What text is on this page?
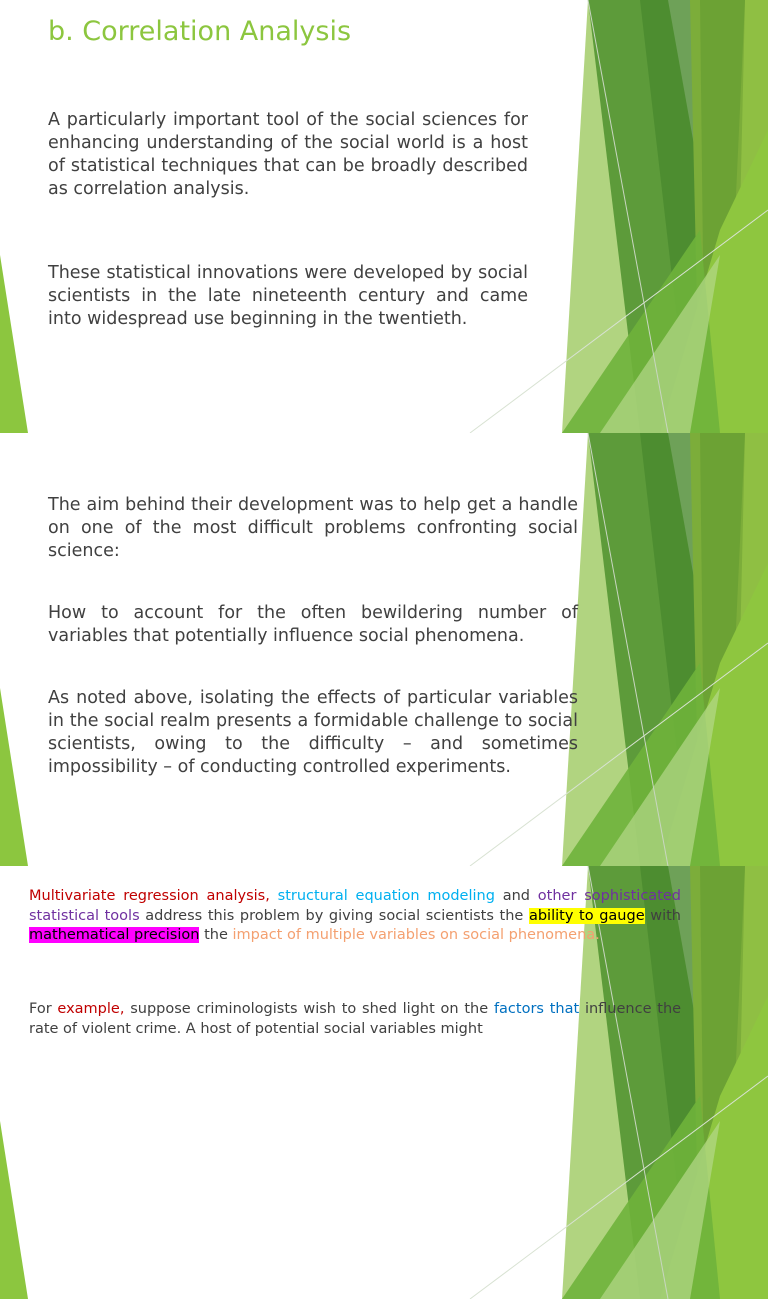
b. Correlation Analysis

A particularly important tool of the social sciences for enhancing understanding of the social world is a host of statistical techniques that can be broadly described as correlation analysis.

These statistical innovations were developed by social scientists in the late nineteenth century and came into widespread use beginning in the twentieth.

The aim behind their development was to help get a handle on one of the most difficult problems confronting social science:

How to account for the often bewildering number of variables that potentially influence social phenomena.

As noted above, isolating the effects of particular variables in the social realm presents a formidable challenge to social scientists, owing to the difficulty – and sometimes impossibility – of conducting controlled experiments.

Multivariate regression analysis, structural equation modeling and other sophisticated statistical tools address this problem by giving social scientists the ability to gauge with mathematical precision the impact of multiple variables on social phenomena.

For example, suppose criminologists wish to shed light on the factors that influence the rate of violent crime. A host of potential social variables might
